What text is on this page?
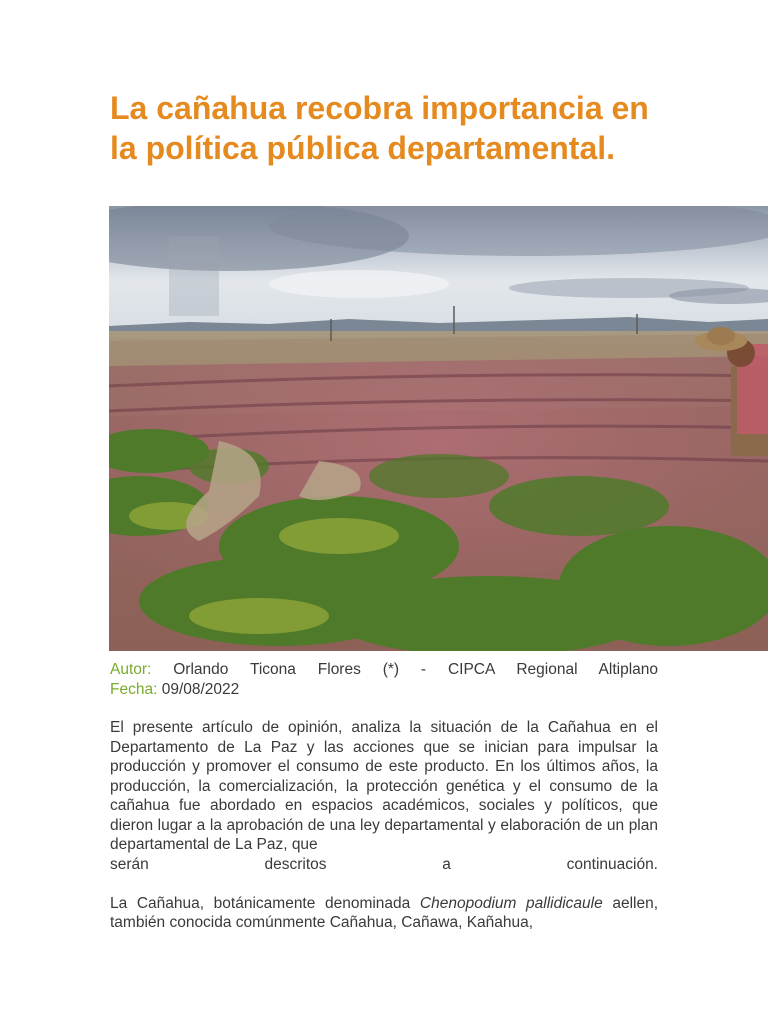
La cañahua recobra importancia en la política pública departamental.

Autor: Orlando Ticona Flores (*) - CIPCA Regional Altiplano

Fecha: 09/08/2022

El presente artículo de opinión, analiza la situación de la Cañahua en el Departamento de La Paz y las acciones que se inician para impulsar la producción y promover el consumo de este producto. En los últimos años, la producción, la comercialización, la protección genética y el consumo de la cañahua fue abordado en espacios académicos, sociales y políticos, que dieron lugar a la aprobación de una ley departamental y elaboración de un plan departamental de La Paz, que
serán descritos a continuación.

La Cañahua, botánicamente denominada Chenopodium pallidicaule aellen, también conocida comúnmente Cañahua, Cañawa, Kañahua,
